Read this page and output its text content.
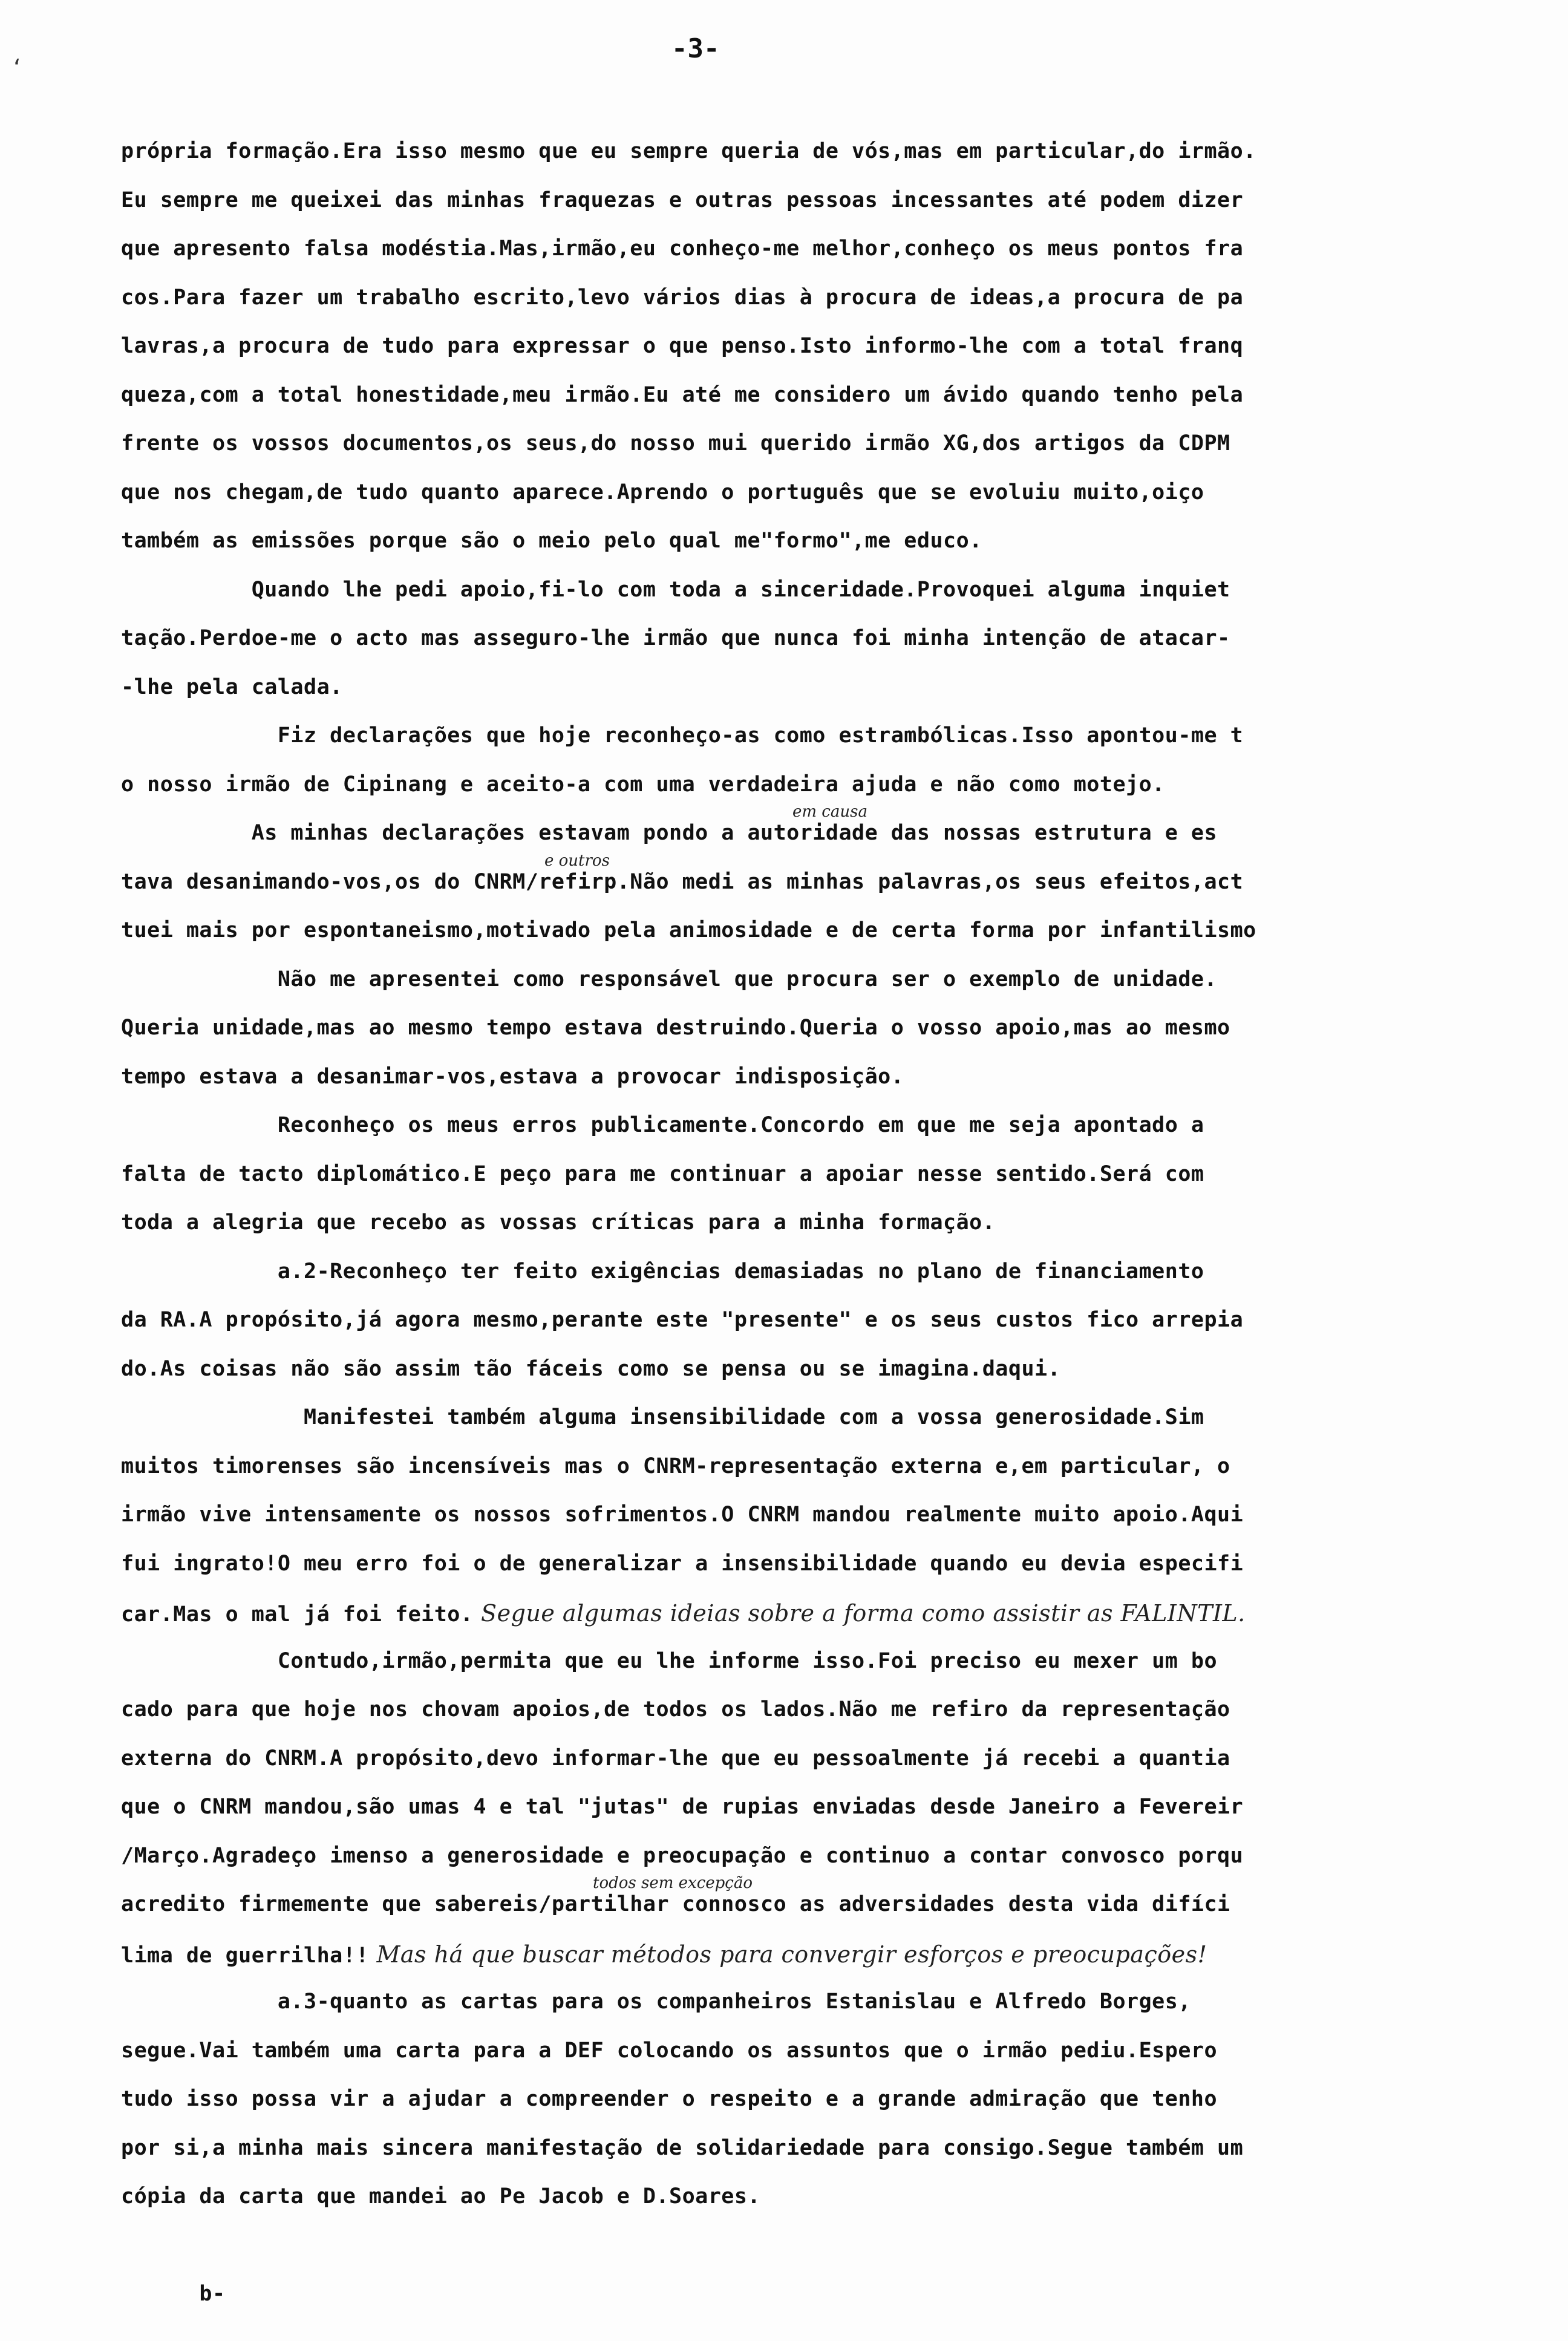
‘
-3-
própria formação.Era isso mesmo que eu sempre queria de vós,mas em particular,do irmão.
Eu sempre me queixei das minhas fraquezas e outras pessoas incessantes até podem dizer
que apresento falsa modéstia.Mas,irmão,eu conheço-me melhor,conheço os meus pontos fra
cos.Para fazer um trabalho escrito,levo vários dias à procura de ideas,a procura de pa
lavras,a procura de tudo para expressar o que penso.Isto informo-lhe com a total franq
queza,com a total honestidade,meu irmão.Eu até me considero um ávido quando tenho pela
frente os vossos documentos,os seus,do nosso mui querido irmão XG,dos artigos da CDPM
que nos chegam,de tudo quanto aparece.Aprendo o português que se evoluiu muito,oiço
também as emissões porque são o meio pelo qual me"formo",me educo.
Quando lhe pedi apoio,fi-lo com toda a sinceridade.Provoquei alguma inquiet
tação.Perdoe-me o acto mas asseguro-lhe irmão que nunca foi minha intenção de atacar-
-lhe pela calada.
Fiz declarações que hoje reconheço-as como estrambólicas.Isso apontou-me t
o nosso irmão de Cipinang e aceito-a com uma verdadeira ajuda e não como motejo.
As minhas declarações estavam pondo a autoridade das nossas estrutura e es
tava desanimando-vos,os do CNRM/refirp.Não medi as minhas palavras,os seus efeitos,act
tuei mais por espontaneismo,motivado pela animosidade e de certa forma por infantilismo
Não me apresentei como responsável que procura ser o exemplo de unidade.
Queria unidade,mas ao mesmo tempo estava destruindo.Queria o vosso apoio,mas ao mesmo
tempo estava a desanimar-vos,estava a provocar indisposição.
Reconheço os meus erros publicamente.Concordo em que me seja apontado a
falta de tacto diplomático.E peço para me continuar a apoiar nesse sentido.Será com
toda a alegria que recebo as vossas críticas para a minha formação.
a.2-Reconheço ter feito exigências demasiadas no plano de financiamento
da RA.A propósito,já agora mesmo,perante este "presente" e os seus custos fico arrepia
do.As coisas não são assim tão fáceis como se pensa ou se imagina.daqui.
Manifestei também alguma insensibilidade com a vossa generosidade.Sim
muitos timorenses são incensíveis mas o CNRM-representação externa e,em particular, o
irmão vive intensamente os nossos sofrimentos.O CNRM mandou realmente muito apoio.Aqui
fui ingrato!O meu erro foi o de generalizar a insensibilidade quando eu devia especifi
car.Mas o mal já foi feito. Segue algumas ideias sobre a forma como assistir as FALINTIL.
Contudo,irmão,permita que eu lhe informe isso.Foi preciso eu mexer um bo
cado para que hoje nos chovam apoios,de todos os lados.Não me refiro da representação
externa do CNRM.A propósito,devo informar-lhe que eu pessoalmente já recebi a quantia
que o CNRM mandou,são umas 4 e tal "jutas" de rupias enviadas desde Janeiro a Fevereir
/Março.Agradeço imenso a generosidade e preocupação e continuo a contar convosco porqu
acredito firmemente que sabereis/partilhar connosco as adversidades desta vida difíci
lima de guerrilha!! Mas há que buscar métodos para convergir esforços e preocupações!
a.3-quanto as cartas para os companheiros Estanislau e Alfredo Borges,
segue.Vai também uma carta para a DEF colocando os assuntos que o irmão pediu.Espero
tudo isso possa vir a ajudar a compreender o respeito e a grande admiração que tenho
por si,a minha mais sincera manifestação de solidariedade para consigo.Segue também um
cópia da carta que mandei ao Pe Jacob e D.Soares.
b-
em causa
e outros
todos sem excepção
